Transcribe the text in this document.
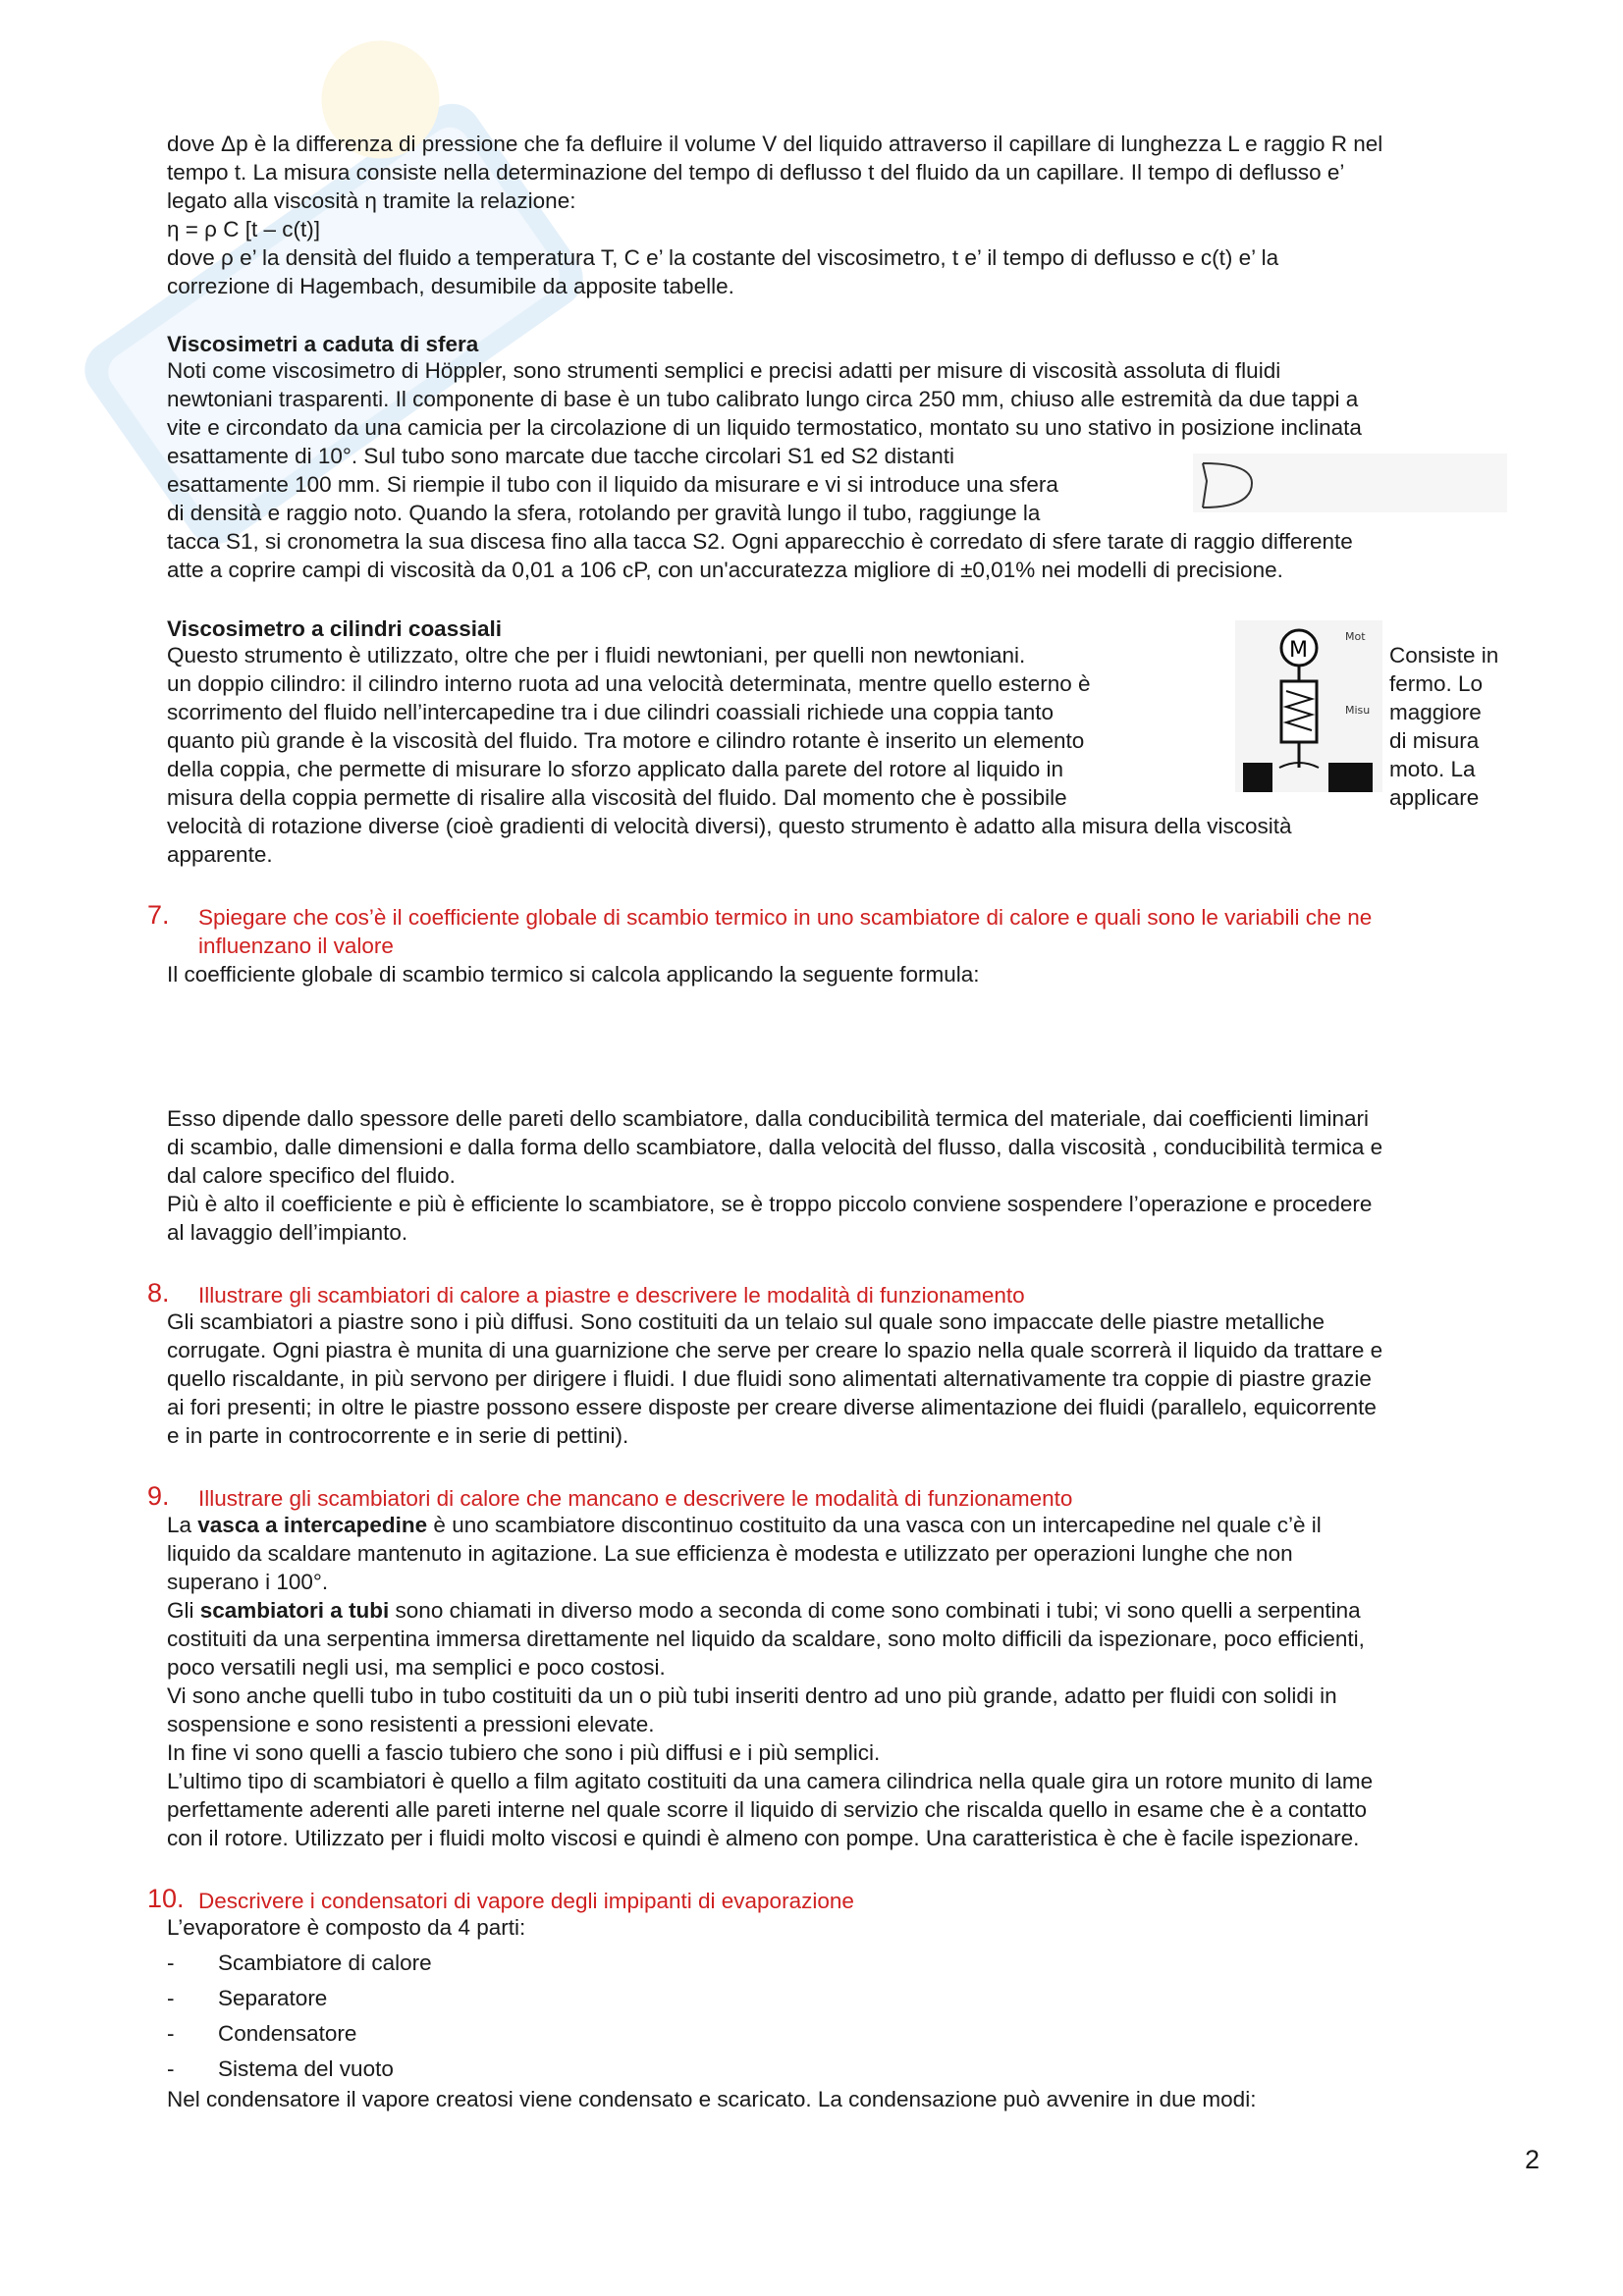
dove Δp è la differenza di pressione che fa defluire il volume V del liquido attraverso il capillare di lunghezza L e raggio R nel
tempo t. La misura consiste nella determinazione del tempo di deflusso t del fluido da un capillare. Il tempo di deflusso e’
legato alla viscosità η tramite la relazione:
η = ρ C [t – c(t)]
dove ρ e’ la densità del fluido a temperatura T, C e’ la costante del viscosimetro, t e’ il tempo di deflusso e c(t) e’ la
correzione di Hagembach, desumibile da apposite tabelle.
Viscosimetri a caduta di sfera
Noti come viscosimetro di Höppler, sono strumenti semplici e precisi adatti per misure di viscosità assoluta di fluidi
newtoniani trasparenti. Il componente di base è un tubo calibrato lungo circa 250 mm, chiuso alle estremità da due tappi a
vite e circondato da una camicia per la circolazione di un liquido termostatico, montato su uno stativo in posizione inclinata
esattamente di 10°. Sul tubo sono marcate due tacche circolari S1 ed S2 distanti
esattamente 100 mm. Si riempie il tubo con il liquido da misurare e vi si introduce una sfera
di densità e raggio noto. Quando la sfera, rotolando per gravità lungo il tubo, raggiunge la
tacca S1, si cronometra la sua discesa fino alla tacca S2. Ogni apparecchio è corredato di sfere tarate di raggio differente
atte a coprire campi di viscosità da 0,01 a 106 cP, con un'accuratezza migliore di ±0,01% nei modelli di precisione.
Viscosimetro a cilindri coassiali
Questo strumento è utilizzato, oltre che per i fluidi newtoniani, per quelli non newtoniani.
un doppio cilindro: il cilindro interno ruota ad una velocità determinata, mentre quello esterno è
scorrimento del fluido nell’intercapedine tra i due cilindri coassiali richiede una coppia tanto
quanto più grande è la viscosità del fluido. Tra motore e cilindro rotante è inserito un elemento
della coppia, che permette di misurare lo sforzo applicato dalla parete del rotore al liquido in
misura della coppia permette di risalire alla viscosità del fluido. Dal momento che è possibile
Consiste in
fermo. Lo
maggiore
di misura
moto. La
applicare
velocità di rotazione diverse (cioè gradienti di velocità diversi), questo strumento è adatto alla misura della viscosità
apparente.
M
Mot
Misu
7. Spiegare che cos’è il coefficiente globale di scambio termico in uno scambiatore di calore e quali sono le variabili che ne
influenzano il valore
Il coefficiente globale di scambio termico si calcola applicando la seguente formula:
Esso dipende dallo spessore delle pareti dello scambiatore, dalla conducibilità termica del materiale, dai coefficienti liminari
di scambio, dalle dimensioni e dalla forma dello scambiatore, dalla velocità del flusso, dalla viscosità , conducibilità termica e
dal calore specifico del fluido.
Più è alto il coefficiente e più è efficiente lo scambiatore, se è troppo piccolo conviene sospendere l’operazione e procedere
al lavaggio dell’impianto.
8. Illustrare gli scambiatori di calore a piastre e descrivere le modalità di funzionamento
Gli scambiatori a piastre sono i più diffusi. Sono costituiti da un telaio sul quale sono impaccate delle piastre metalliche
corrugate. Ogni piastra è munita di una guarnizione che serve per creare lo spazio nella quale scorrerà il liquido da trattare e
quello riscaldante, in più servono per dirigere i fluidi. I due fluidi sono alimentati alternativamente tra coppie di piastre grazie
ai fori presenti; in oltre le piastre possono essere disposte per creare diverse alimentazione dei fluidi (parallelo, equicorrente
e in parte in controcorrente e in serie di pettini).
9. Illustrare gli scambiatori di calore che mancano e descrivere le modalità di funzionamento
La vasca a intercapedine è uno scambiatore discontinuo costituito da una vasca con un intercapedine nel quale c’è il
liquido da scaldare mantenuto in agitazione. La sue efficienza è modesta e utilizzato per operazioni lunghe che non
superano i 100°.
Gli scambiatori a tubi sono chiamati in diverso modo a seconda di come sono combinati i tubi; vi sono quelli a serpentina
costituiti da una serpentina immersa direttamente nel liquido da scaldare, sono molto difficili da ispezionare, poco efficienti,
poco versatili negli usi, ma semplici e poco costosi.
Vi sono anche quelli tubo in tubo costituiti da un o più tubi inseriti dentro ad uno più grande, adatto per fluidi con solidi in
sospensione e sono resistenti a pressioni elevate.
In fine vi sono quelli a fascio tubiero che sono i più diffusi e i più semplici.
L’ultimo tipo di scambiatori è quello a film agitato costituiti da una camera cilindrica nella quale gira un rotore munito di lame
perfettamente aderenti alle pareti interne nel quale scorre il liquido di servizio che riscalda quello in esame che è a contatto
con il rotore. Utilizzato per i fluidi molto viscosi e quindi è almeno con pompe. Una caratteristica è che è facile ispezionare.
10. Descrivere i condensatori di vapore degli impipanti di evaporazione
L’evaporatore è composto da 4 parti:
- Scambiatore di calore
- Separatore
- Condensatore
- Sistema del vuoto
Nel condensatore il vapore creatosi viene condensato e scaricato. La condensazione può avvenire in due modi:
2
